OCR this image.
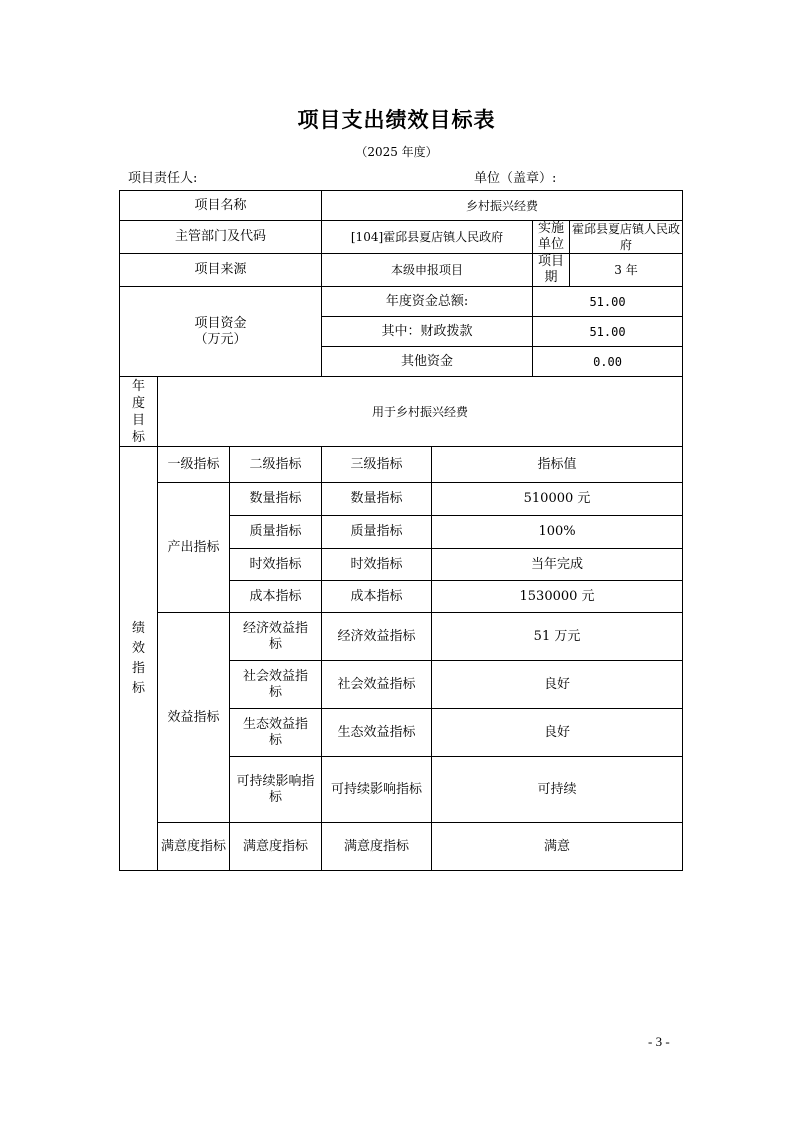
项目支出绩效目标表
（2025 年度）
项目责任人:	单位（盖章）:
项目名称			乡村振兴经费			
主管部门及代码			[104]霍邱县夏店镇人民政府		实施单位	霍邱县夏店镇人民政府
项目来源			本级申报项目		项目期	3 年
项目资金（万元）			年度资金总额:		51.00	
			其中：财政拨款		51.00	
			其他资金		0.00	
年度目标	用于乡村振兴经费					
绩效指标	一级指标	二级指标	三级指标	指标值		
	产出指标	数量指标	数量指标	510000 元		
		质量指标	质量指标	100%		
		时效指标	时效指标	当年完成		
		成本指标	成本指标	1530000 元		
	效益指标	经济效益指标	经济效益指标	51 万元		
		社会效益指标	社会效益指标	良好		
		生态效益指标	生态效益指标	良好		
		可持续影响指标	可持续影响指标	可持续		
	满意度指标	满意度指标	满意度指标	满意		
- 3 -
